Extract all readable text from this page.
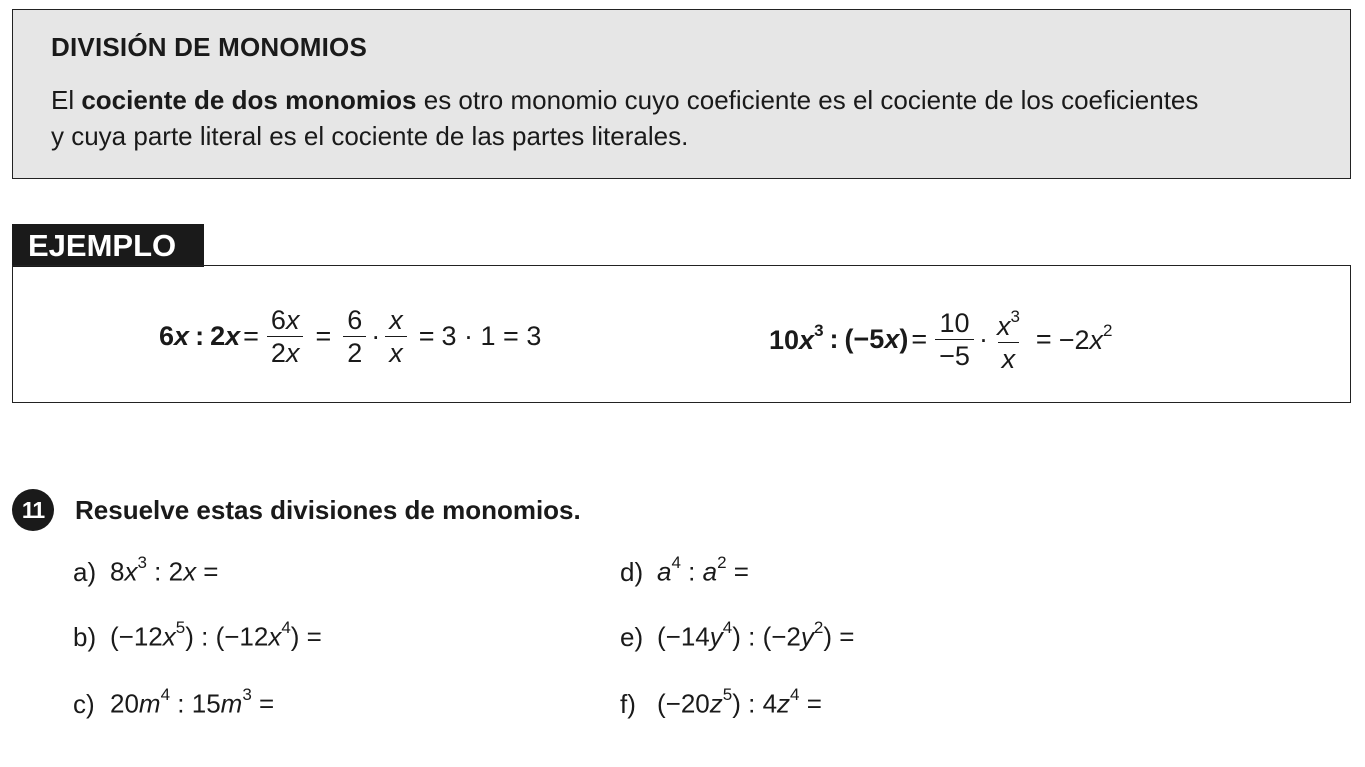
DIVISIÓN DE MONOMIOS
El cociente de dos monomios es otro monomio cuyo coeficiente es el cociente de los coeficientes
y cuya parte literal es el cociente de las partes literales.
EJEMPLO
6x : $2x = \frac{6x}{2x} = \frac{6}{2} \cdot \frac{x}{x} = 3 \cdot 1 = 3$	$10x^3$ : $(-5x) = \frac{10}{-5} \cdot \frac{x^3}{x} = -2x^2$
11	Resuelve estas divisiones de monomios.
a) $8x^3$ : 2x =
b) $(-12x^5)$ : $(-12x^4)$ =
c) $20m^4$ : $15m^3$ =
d) $a^4$ : $a^2$ =
e) $(-14y^4)$ : $(-2y^2)$ =
f) $(-20z^5)$ : $4z^4$ =
